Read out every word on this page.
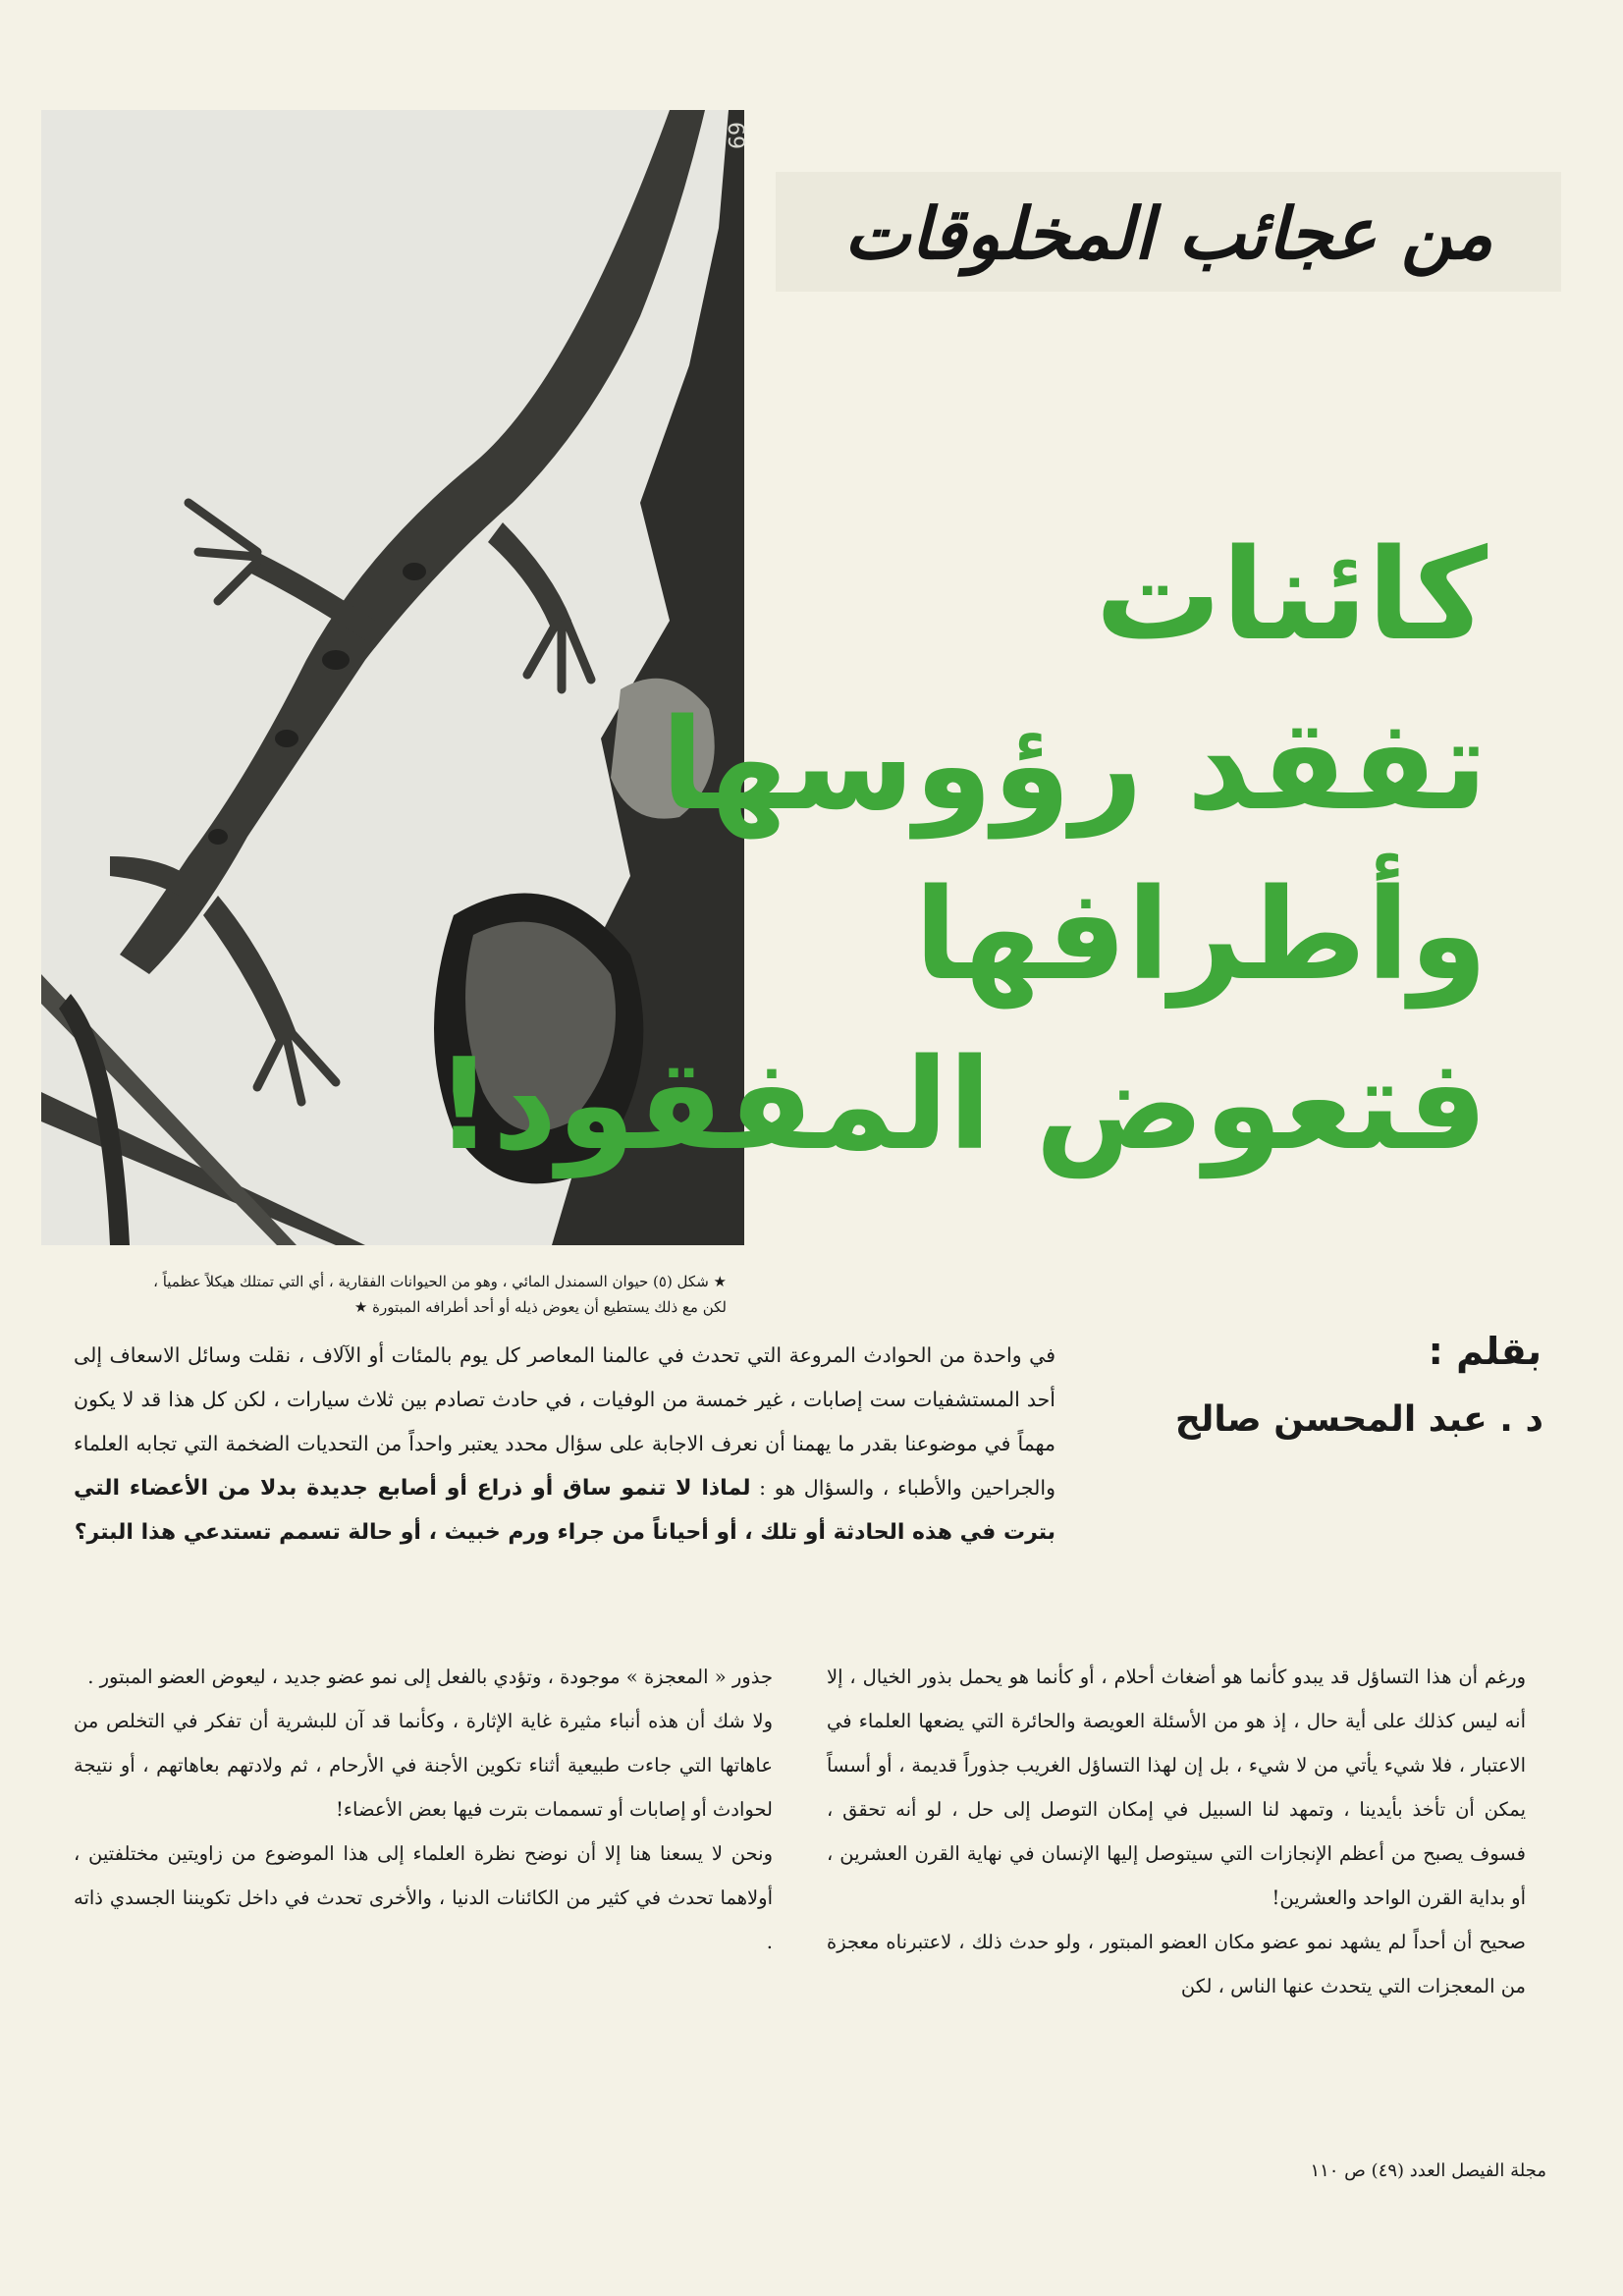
69
من عجائب المخلوقات
كائنات
تفقد رؤوسها
وأطرافها
فتعوض المفقود!

★ شكل (٥) حيوان السمندل المائي ، وهو من الحيوانات الفقارية ، أي التي تمتلك هيكلاً عظمياً ،
لكن مع ذلك يستطيع أن يعوض ذيله أو أحد أطرافه المبتورة ★

بقلم :

د . عبد المحسن صالح

في واحدة من الحوادث المروعة التي تحدث في عالمنا المعاصر كل يوم بالمئات أو الآلاف ، نقلت وسائل الاسعاف إلى أحد المستشفيات ست إصابات ، غير خمسة من الوفيات ، في حادث تصادم بين ثلاث سيارات ، لكن كل هذا قد لا يكون مهماً في موضوعنا بقدر ما يهمنا أن نعرف الاجابة على سؤال محدد يعتبر واحداً من التحديات الضخمة التي تجابه العلماء والجراحين والأطباء ، والسؤال هو : لماذا لا تنمو ساق أو ذراع أو أصابع جديدة بدلا من الأعضاء التي بترت في هذه الحادثة أو تلك ، أو أحياناً من جراء ورم خبيث ، أو حالة تسمم تستدعي هذا البتر؟

ورغم أن هذا التساؤل قد يبدو كأنما هو أضغاث أحلام ، أو كأنما هو يحمل بذور الخيال ، إلا أنه ليس كذلك على أية حال ، إذ هو من الأسئلة العويصة والحائرة التي يضعها العلماء في الاعتبار ، فلا شيء يأتي من لا شيء ، بل إن لهذا التساؤل الغريب جذوراً قديمة ، أو أسساً يمكن أن تأخذ بأيدينا ، وتمهد لنا السبيل في إمكان التوصل إلى حل ، لو أنه تحقق ، فسوف يصبح من أعظم الإنجازات التي سيتوصل إليها الإنسان في نهاية القرن العشرين ، أو بداية القرن الواحد والعشرين!

صحيح أن أحداً لم يشهد نمو عضو مكان العضو المبتور ، ولو حدث ذلك ، لاعتبرناه معجزة من المعجزات التي يتحدث عنها الناس ، لكن

جذور « المعجزة » موجودة ، وتؤدي بالفعل إلى نمو عضو جديد ، ليعوض العضو المبتور .

ولا شك أن هذه أنباء مثيرة غاية الإثارة ، وكأنما قد آن للبشرية أن تفكر في التخلص من عاهاتها التي جاءت طبيعية أثناء تكوين الأجنة في الأرحام ، ثم ولادتهم بعاهاتهم ، أو نتيجة لحوادث أو إصابات أو تسممات بترت فيها بعض الأعضاء!

ونحن لا يسعنا هنا إلا أن نوضح نظرة العلماء إلى هذا الموضوع من زاويتين مختلفتين ، أولاهما تحدث في كثير من الكائنات الدنيا ، والأخرى تحدث في داخل تكويننا الجسدي ذاته .

مجلة الفيصل العدد (٤٩) ص ١١٠
